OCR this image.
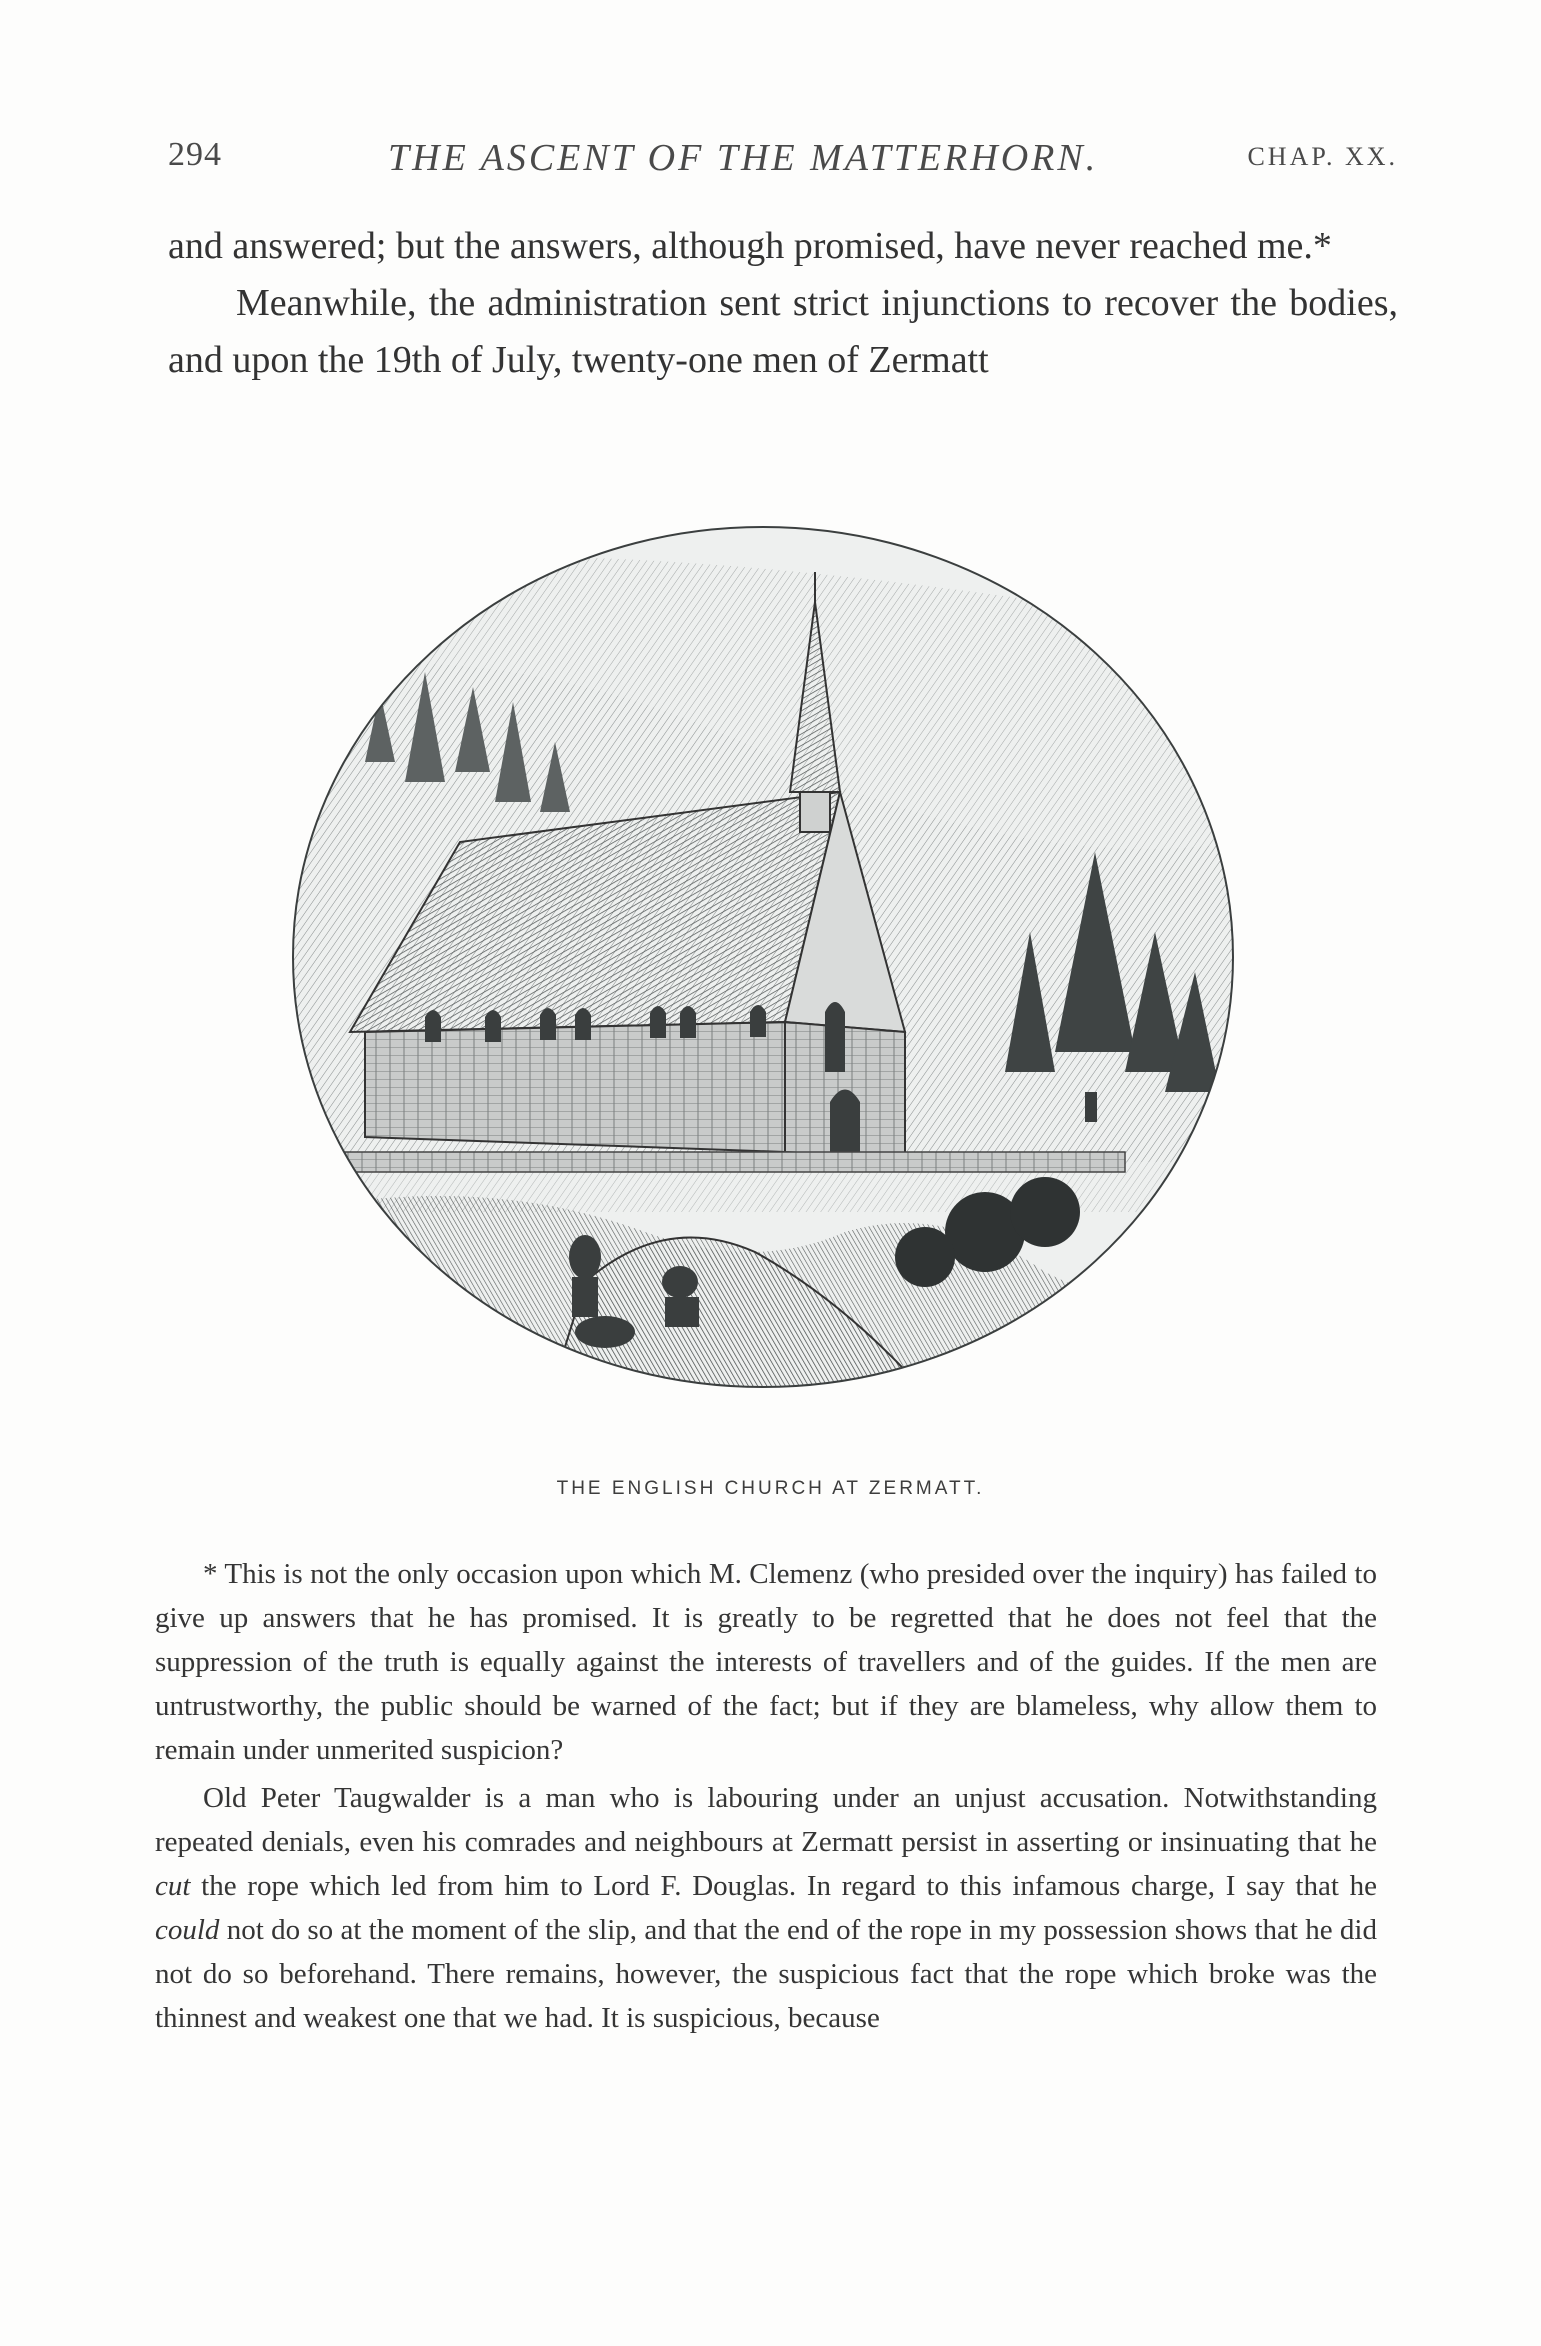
294	THE ASCENT OF THE MATTERHORN.	CHAP. XX.

and answered; but the answers, although promised, have never reached me.*

Meanwhile, the administration sent strict injunctions to recover the bodies, and upon the 19th of July, twenty-one men of Zermatt

THE ENGLISH CHURCH AT ZERMATT.

* This is not the only occasion upon which M. Clemenz (who presided over the inquiry) has failed to give up answers that he has promised. It is greatly to be regretted that he does not feel that the suppression of the truth is equally against the interests of travellers and of the guides. If the men are untrustworthy, the public should be warned of the fact; but if they are blameless, why allow them to remain under unmerited suspicion?

Old Peter Taugwalder is a man who is labouring under an unjust accusation. Notwithstanding repeated denials, even his comrades and neighbours at Zermatt persist in asserting or insinuating that he cut the rope which led from him to Lord F. Douglas. In regard to this infamous charge, I say that he could not do so at the moment of the slip, and that the end of the rope in my possession shows that he did not do so beforehand. There remains, however, the suspicious fact that the rope which broke was the thinnest and weakest one that we had. It is suspicious, because
